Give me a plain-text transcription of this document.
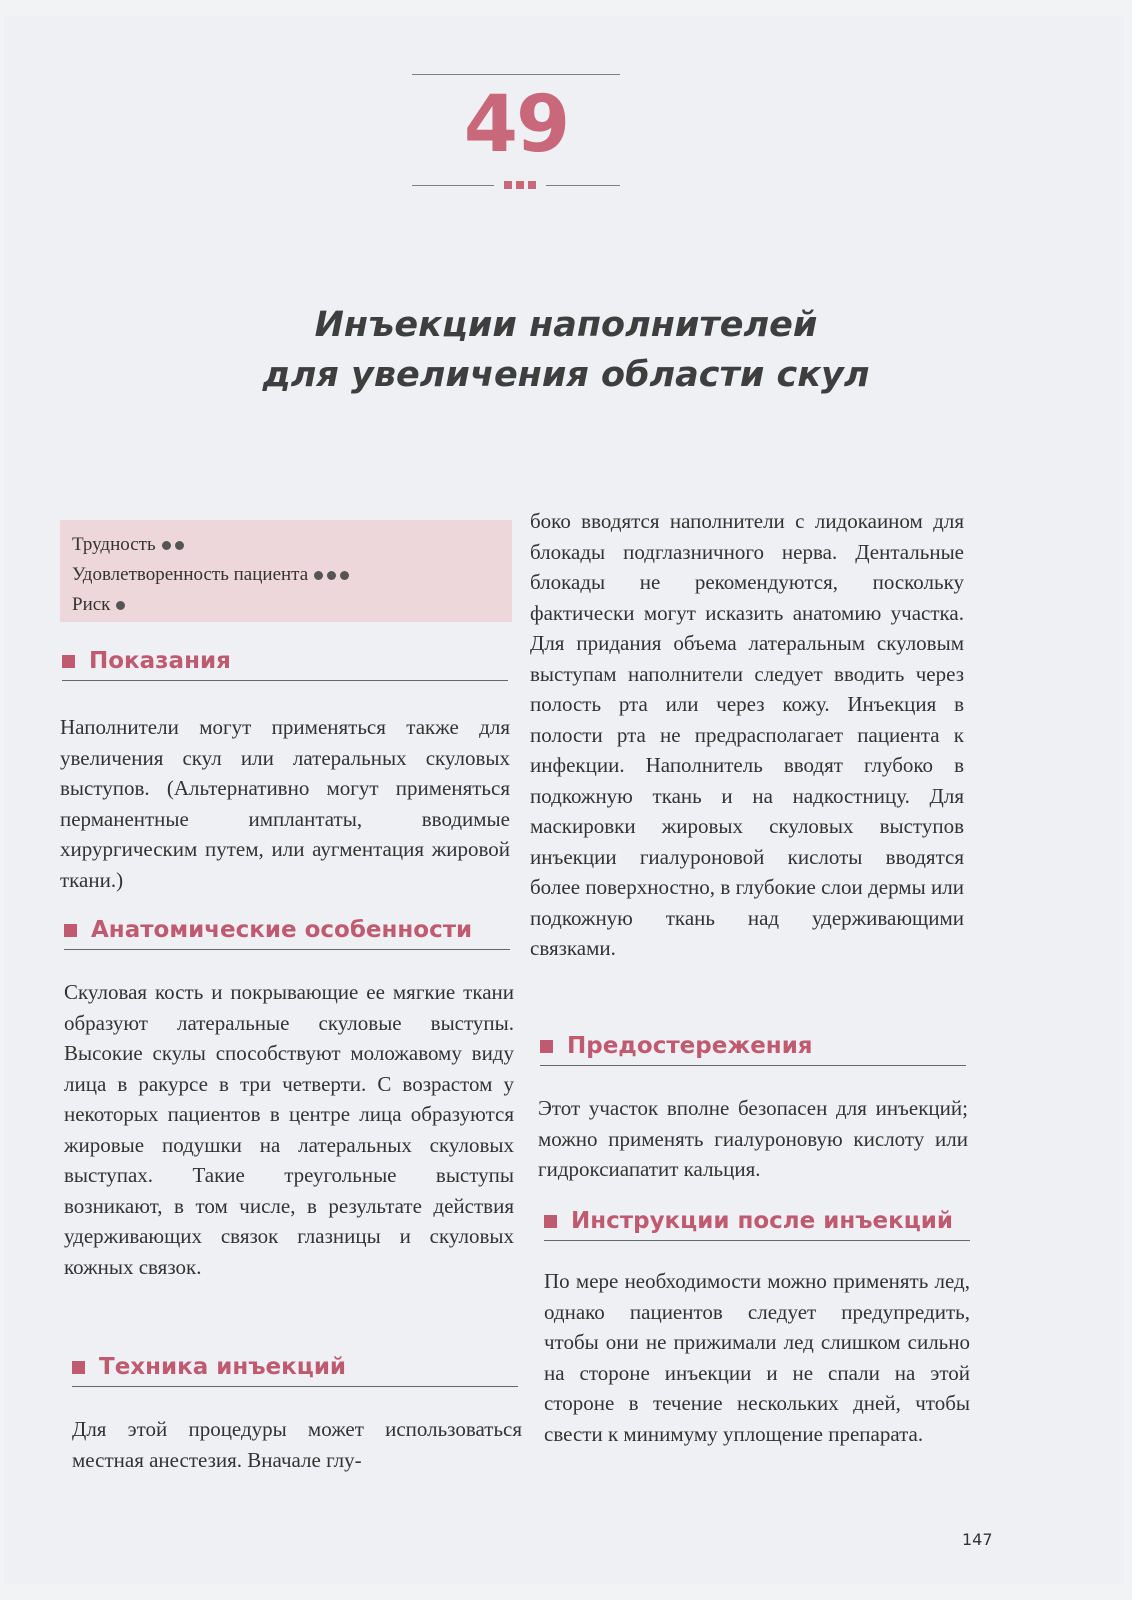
49
Инъекции наполнителей
для увеличения области скул
Трудность
Удовлетворенность пациента
Риск
Показания
Наполнители могут применяться также для увеличения скул или латеральных скуловых выступов. (Альтернативно могут применяться перманентные имплантаты, вводимые хирургическим путем, или аугментация жировой ткани.)
Анатомические особенности
Скуловая кость и покрывающие ее мягкие ткани образуют латеральные скуловые выступы. Высокие скулы способствуют моложавому виду лица в ракурсе в три четверти. С возрастом у некоторых пациентов в центре лица образуются жировые подушки на латеральных скуловых выступах. Такие треугольные выступы возникают, в том числе, в результате действия удерживающих связок глазницы и скуловых кожных связок.
Техника инъекций
Для этой процедуры может использоваться местная анестезия. Вначале глу-
боко вводятся наполнители с лидокаином для блокады подглазничного нерва. Дентальные блокады не рекомендуются, поскольку фактически могут исказить анатомию участка. Для придания объема латеральным скуловым выступам наполнители следует вводить через полость рта или через кожу. Инъекция в полости рта не предрасполагает пациента к инфекции. Наполнитель вводят глубоко в подкожную ткань и на надкостницу. Для маскировки жировых скуловых выступов инъекции гиалуроновой кислоты вводятся более поверхностно, в глубокие слои дермы или подкожную ткань над удерживающими связками.
Предостережения
Этот участок вполне безопасен для инъекций; можно применять гиалуроновую кислоту или гидроксиапатит кальция.
Инструкции после инъекций
По мере необходимости можно применять лед, однако пациентов следует предупредить, чтобы они не прижимали лед слишком сильно на стороне инъекции и не спали на этой стороне в течение нескольких дней, чтобы свести к минимуму уплощение препарата.
147
